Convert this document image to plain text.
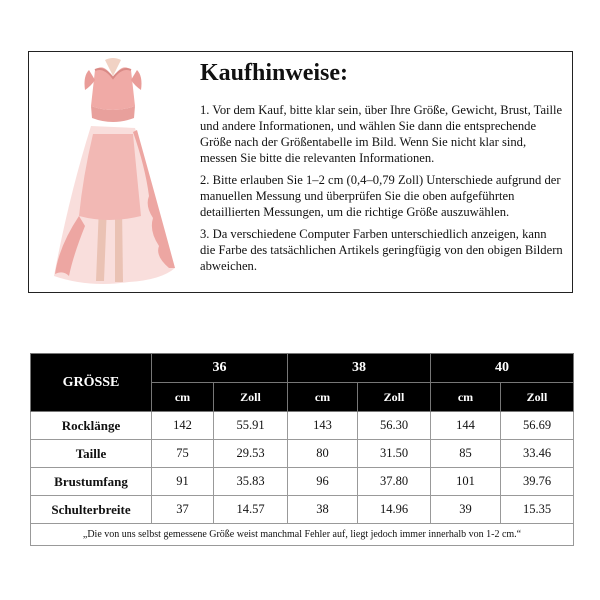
Kaufhinweise:

1. Vor dem Kauf, bitte klar sein, über Ihre Größe, Gewicht, Brust, Taille und andere Informationen, und wählen Sie dann die entsprechende Größe nach der Größentabelle im Bild. Wenn Sie nicht klar sind, messen Sie bitte die relevanten Informationen.

2. Bitte erlauben Sie 1–2 cm (0,4–0,79 Zoll) Unterschiede aufgrund der manuellen Messung und überprüfen Sie die oben aufgeführten detaillierten Messungen, um die richtige Größe auszuwählen.

3. Da verschiedene Computer Farben unterschiedlich anzeigen, kann die Farbe des tatsächlichen Artikels geringfügig von den obigen Bildern abweichen.

GRÖSSE	36		38		40	
	cm	Zoll	cm	Zoll	cm	Zoll
Rocklänge	142	55.91	143	56.30	144	56.69
Taille	75	29.53	80	31.50	85	33.46
Brustumfang	91	35.83	96	37.80	101	39.76
Schulterbreite	37	14.57	38	14.96	39	15.35
„Die von uns selbst gemessene Größe weist manchmal Fehler auf, liegt jedoch immer innerhalb von 1-2 cm.“						
